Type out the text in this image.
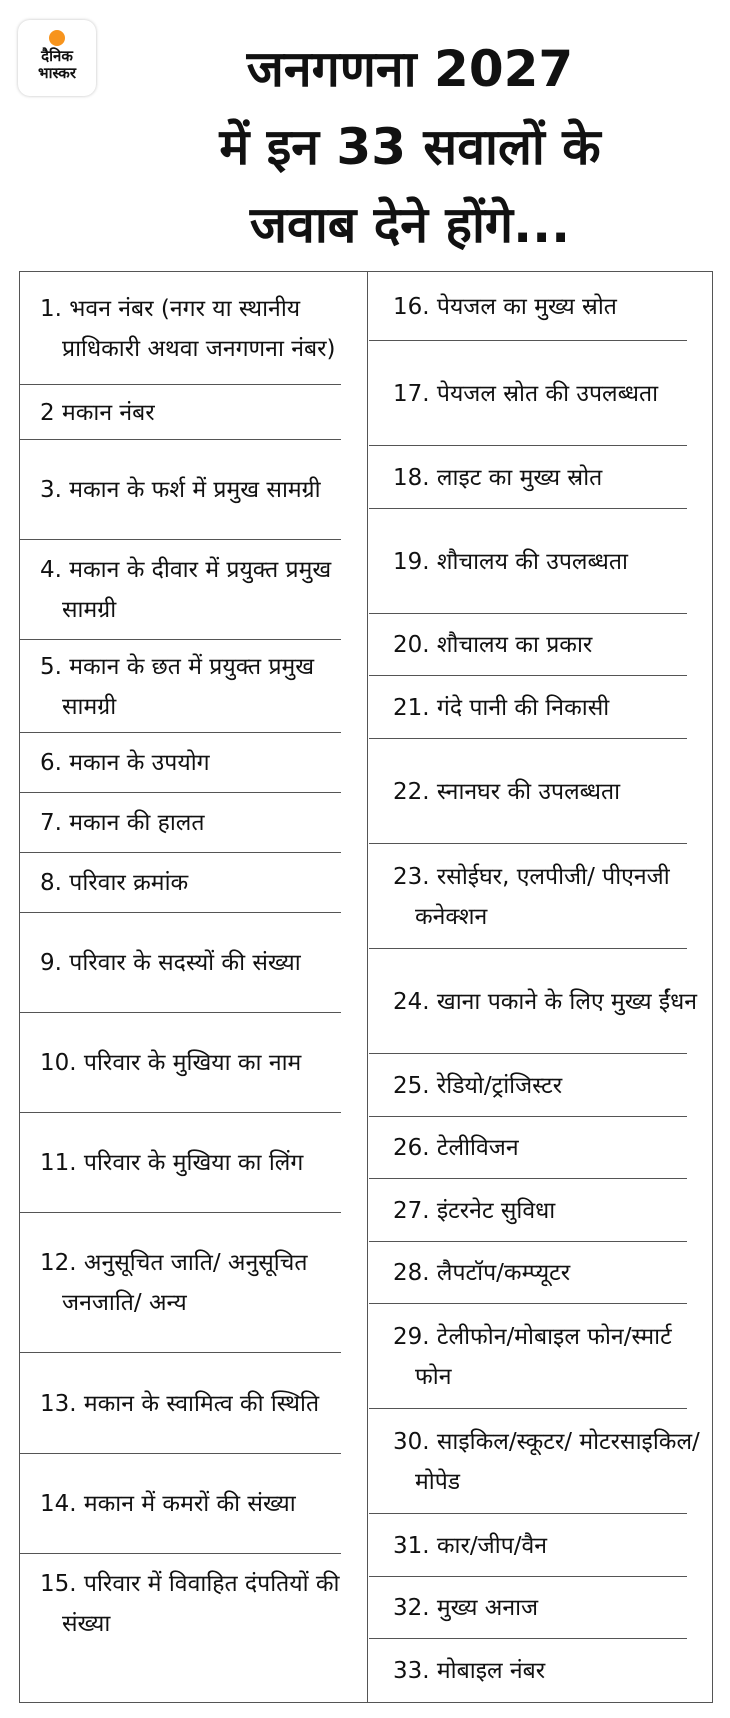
दैनिक
भास्कर	जनगणना 2027
में इन 33 सवालों के
जवाब देने होंगे...
1. भवन नंबर (नगर या स्थानीय प्राधिकारी अथवा जनगणना नंबर)
2 मकान नंबर
3. मकान के फर्श में प्रमुख सामग्री
4. मकान के दीवार में प्रयुक्त प्रमुख सामग्री
5. मकान के छत में प्रयुक्त प्रमुख सामग्री
6. मकान के उपयोग
7. मकान की हालत
8. परिवार क्रमांक
9. परिवार के सदस्यों की संख्या
10. परिवार के मुखिया का नाम
11. परिवार के मुखिया का लिंग
12. अनुसूचित जाति/ अनुसूचित जनजाति/ अन्य
13. मकान के स्वामित्व की स्थिति
14. मकान में कमरों की संख्या
15. परिवार में विवाहित दंपतियों की संख्या
16. पेयजल का मुख्य स्रोत
17. पेयजल स्रोत की उपलब्धता
18. लाइट का मुख्य स्रोत
19. शौचालय की उपलब्धता
20. शौचालय का प्रकार
21. गंदे पानी की निकासी
22. स्नानघर की उपलब्धता
23. रसोईघर, एलपीजी/ पीएनजी कनेक्शन
24. खाना पकाने के लिए मुख्य ईंधन
25. रेडियो/ट्रांजिस्टर
26. टेलीविजन
27. इंटरनेट सुविधा
28. लैपटॉप/कम्प्यूटर
29. टेलीफोन/मोबाइल फोन/स्मार्ट फोन
30. साइकिल/स्कूटर/ मोटरसाइकिल/मोपेड
31. कार/जीप/वैन
32. मुख्य अनाज
33. मोबाइल नंबर
